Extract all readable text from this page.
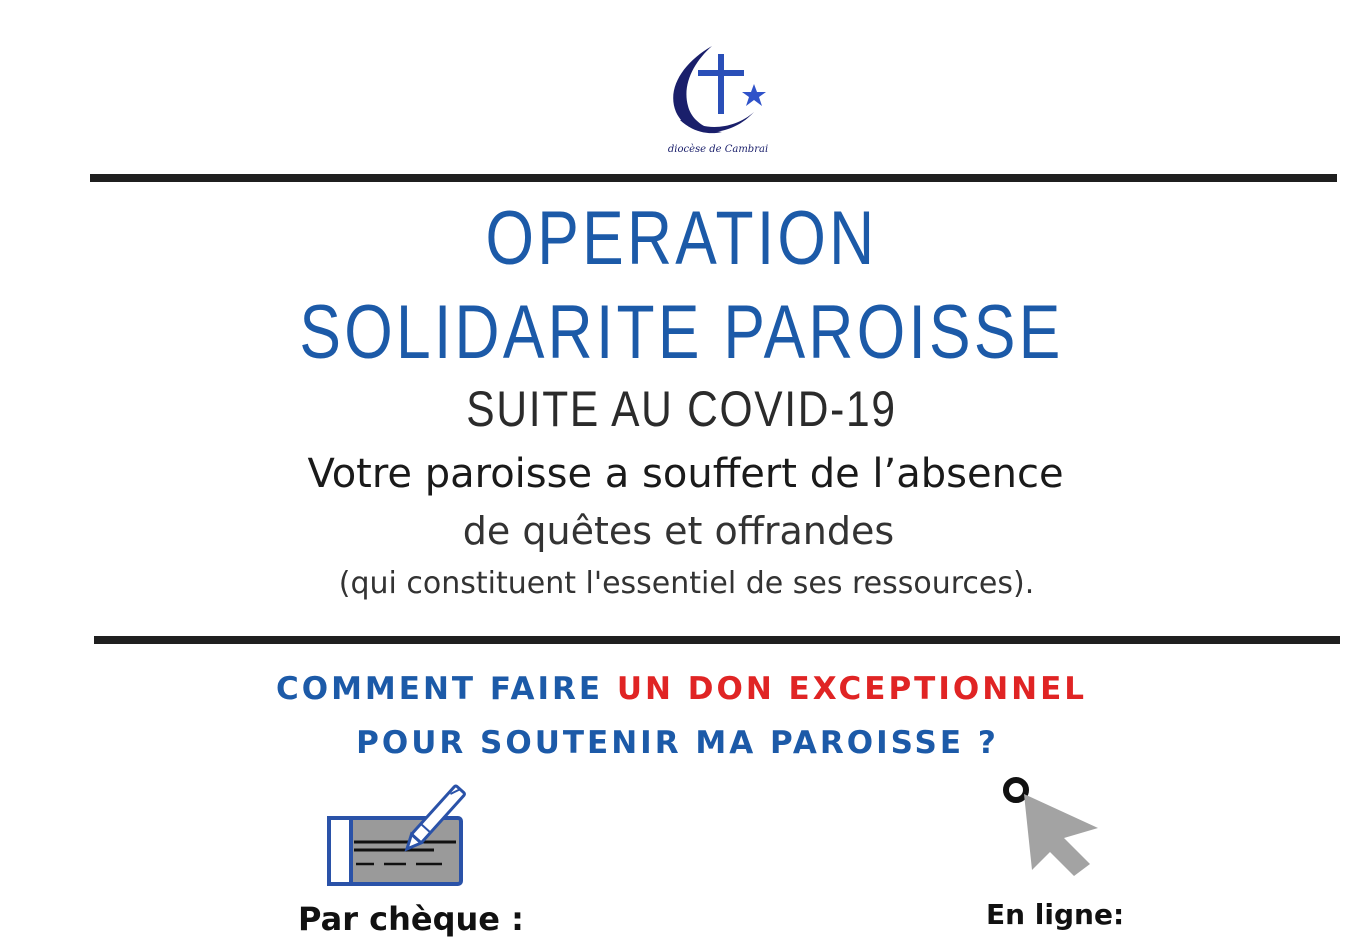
diocèse de Cambrai
OPERATION
SOLIDARITE PAROISSE
SUITE AU COVID-19
Votre paroisse a souffert de l’absence
de quêtes et offrandes
(qui constituent l'essentiel de ses ressources).
COMMENT FAIRE UN DON EXCEPTIONNEL
POUR SOUTENIR MA PAROISSE ?
Par chèque :	En ligne:
